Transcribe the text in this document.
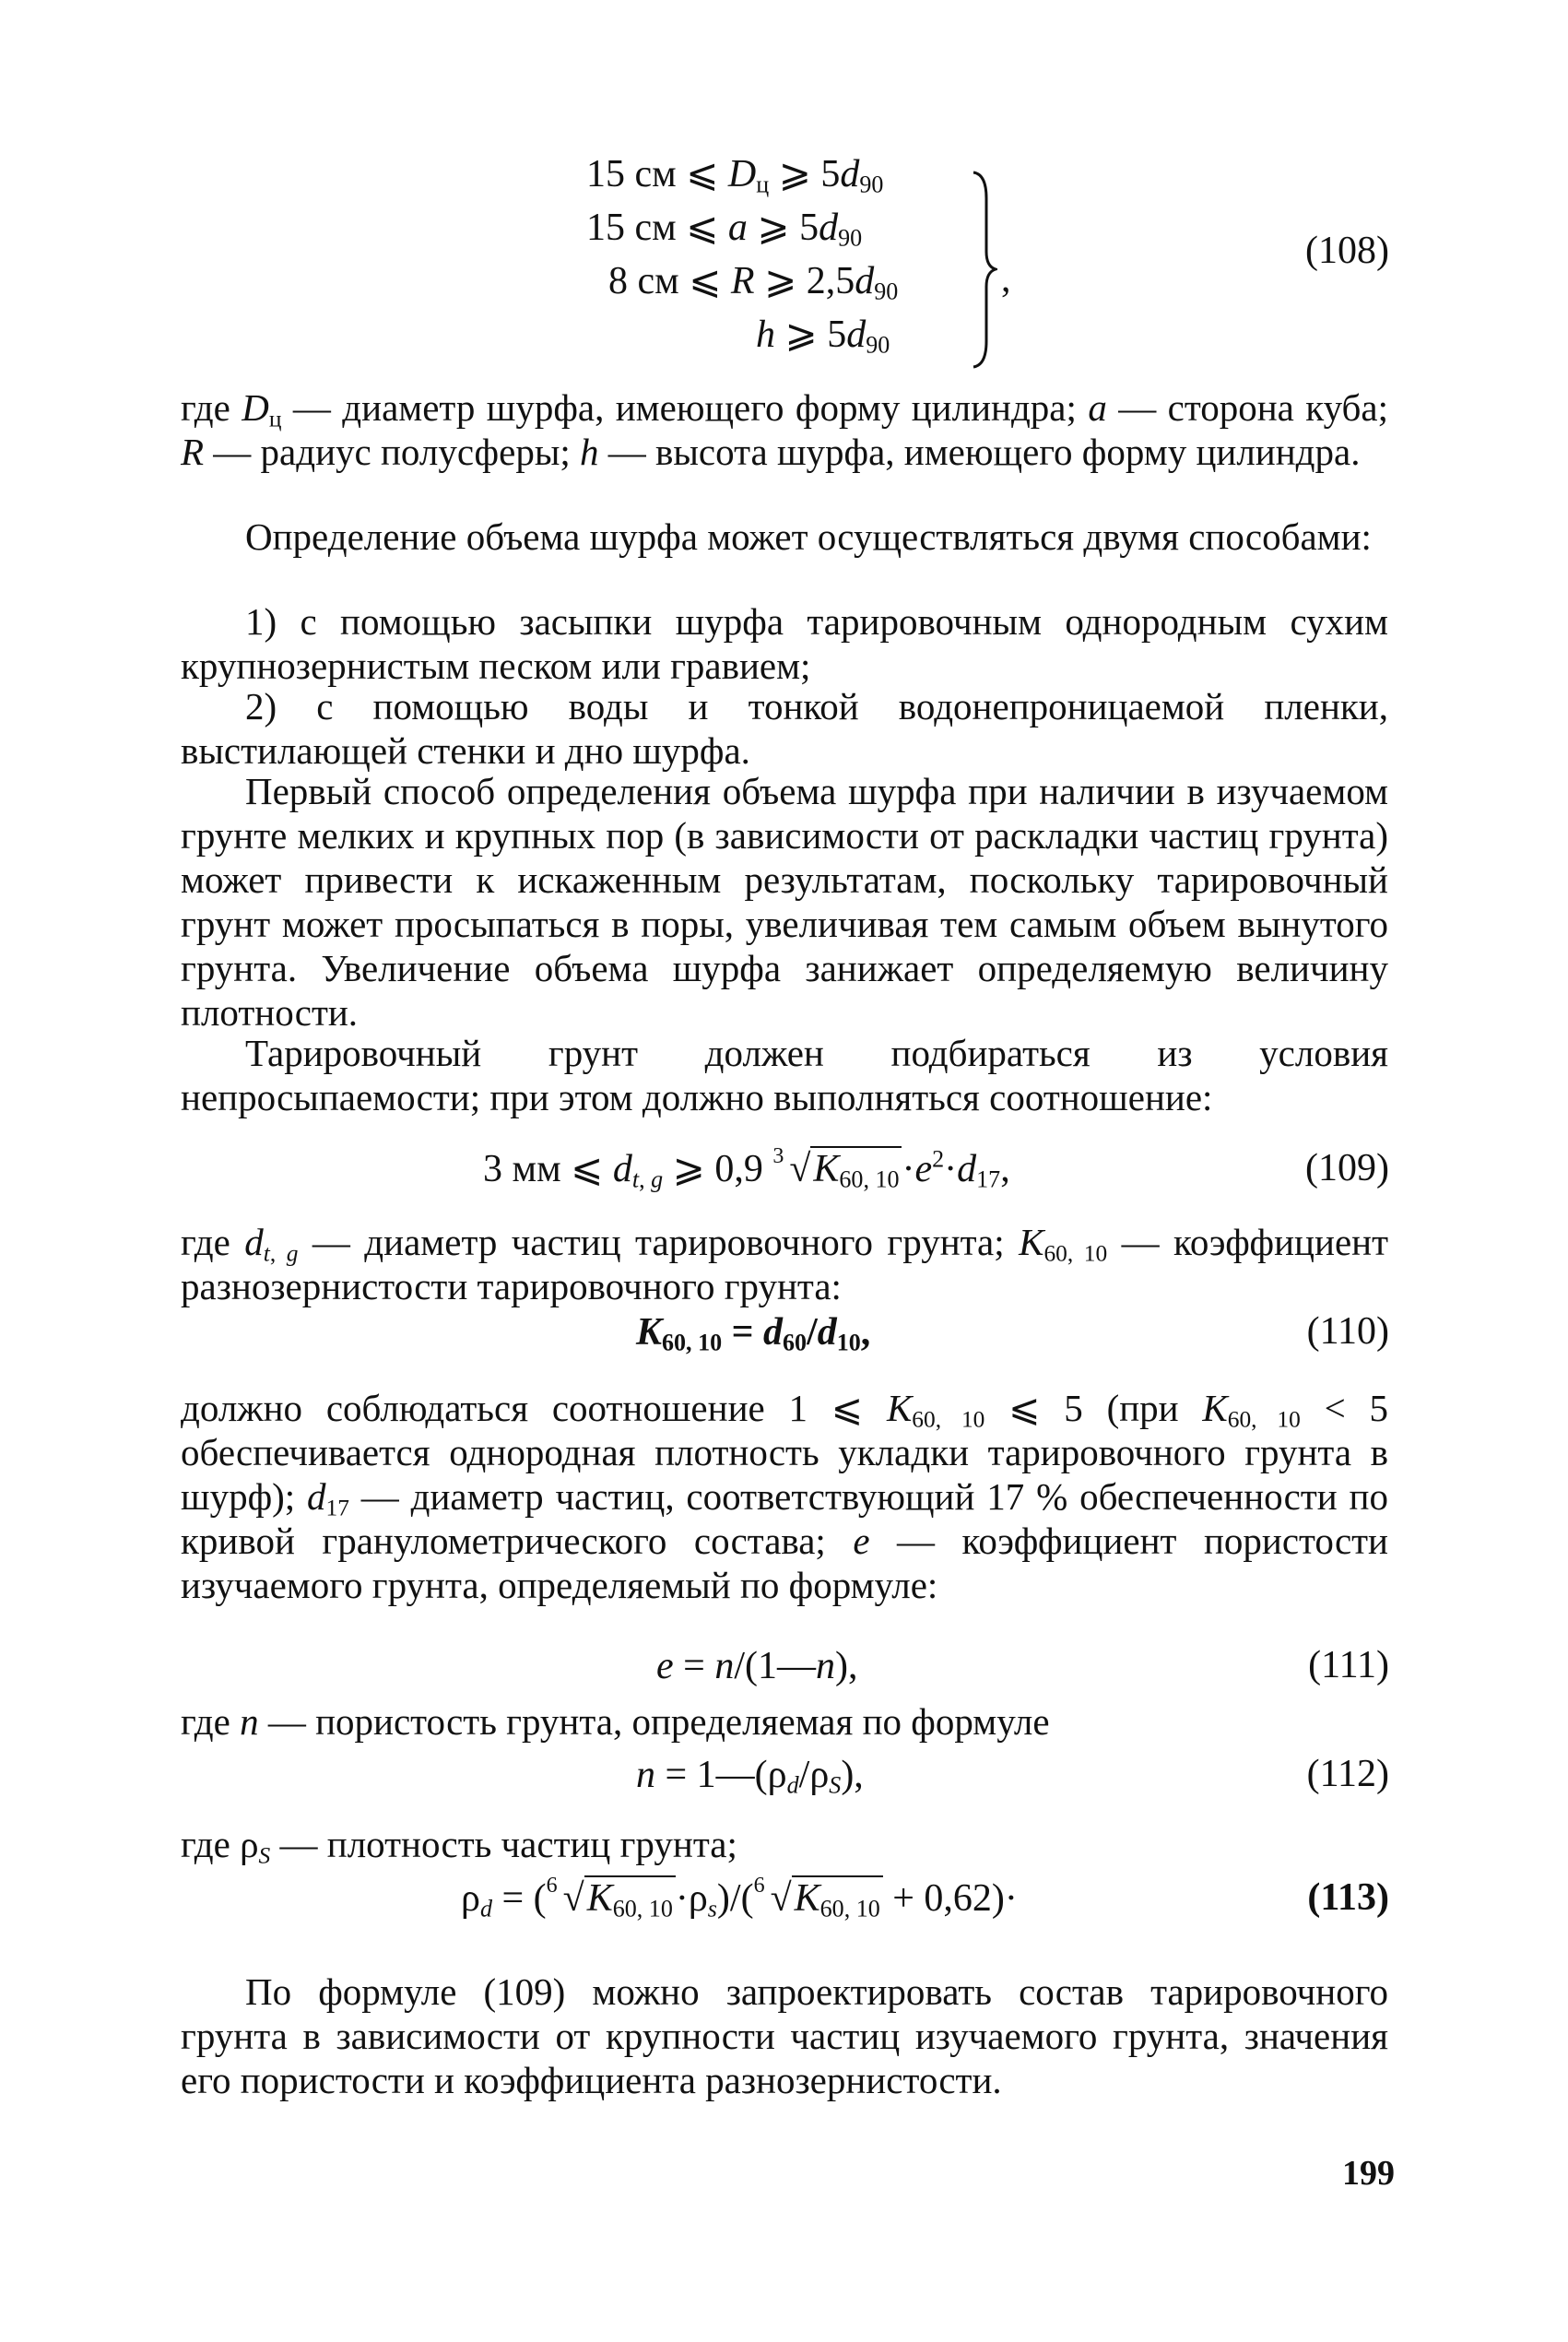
15 см ⩽ $D_ц$ ⩾ $5d_{90}$
15 см ⩽ a ⩾ $5d_{90}$
8 см ⩽ R ⩾ $2,5d_{90}$
h ⩾ $5d_{90}$
,
(108)
где $D_ц$ — диаметр шурфа, имеющего форму цилиндра; a — сторона куба; R — радиус полусферы; h — высота шурфа, имеющего форму цилиндра.
Определение объема шурфа может осуществляться двумя способами:
1) с помощью засыпки шурфа тарировочным однородным сухим крупнозернистым песком или гравием;
2) с помощью воды и тонкой водонепроницаемой пленки, выстилающей стенки и дно шурфа.
Первый способ определения объема шурфа при наличии в изучаемом грунте мелких и крупных пор (в зависимости от раскладки частиц грунта) может привести к искаженным результатам, поскольку тарировочный грунт может просыпаться в поры, увеличивая тем самым объем вынутого грунта. Увеличение объема шурфа занижает определяемую величину плотности.
Тарировочный грунт должен подбираться из условия непросыпаемости; при этом должно выполняться соотношение:
3 мм ⩽ $d_{t, g}$ ⩾ 0,9 3 $√K_{60, 10}\cdot e^2\cdot d_{17}$,	(109)
где $d_{t, g}$ — диаметр частиц тарировочного грунта; $K_{60, 10}$ — коэффициент разнозернистости тарировочного грунта:
$K_{60, 10} = d_{60}/d_{10}$,	(110)
должно соблюдаться соотношение 1 ⩽ $K_{60, 10}$ ⩽ 5 (при $K_{60, 10} < 5$ обеспечивается однородная плотность укладки тарировочного грунта в шурф); $d_{17}$ — диаметр частиц, соответствующий 17 % обеспеченности по кривой гранулометрического состава; e — коэффициент пористости изучаемого грунта, определяемый по формуле:
e = n/(1—n),	(111)
где n — пористость грунта, определяемая по формуле
$n = 1—(\rho_d/\rho_S)$,	(112)
где $\rho_S$ — плотность частиц грунта;
$\rho_d$ = ( 6 $√K_{60, 10}\cdot\rho_s)/$( 6 $√K_{60, 10} + 0,62)\cdot$	(113)
По формуле (109) можно запроектировать состав тарировочного грунта в зависимости от крупности частиц изучаемого грунта, значения его пористости и коэффициента разнозернистости.
199
